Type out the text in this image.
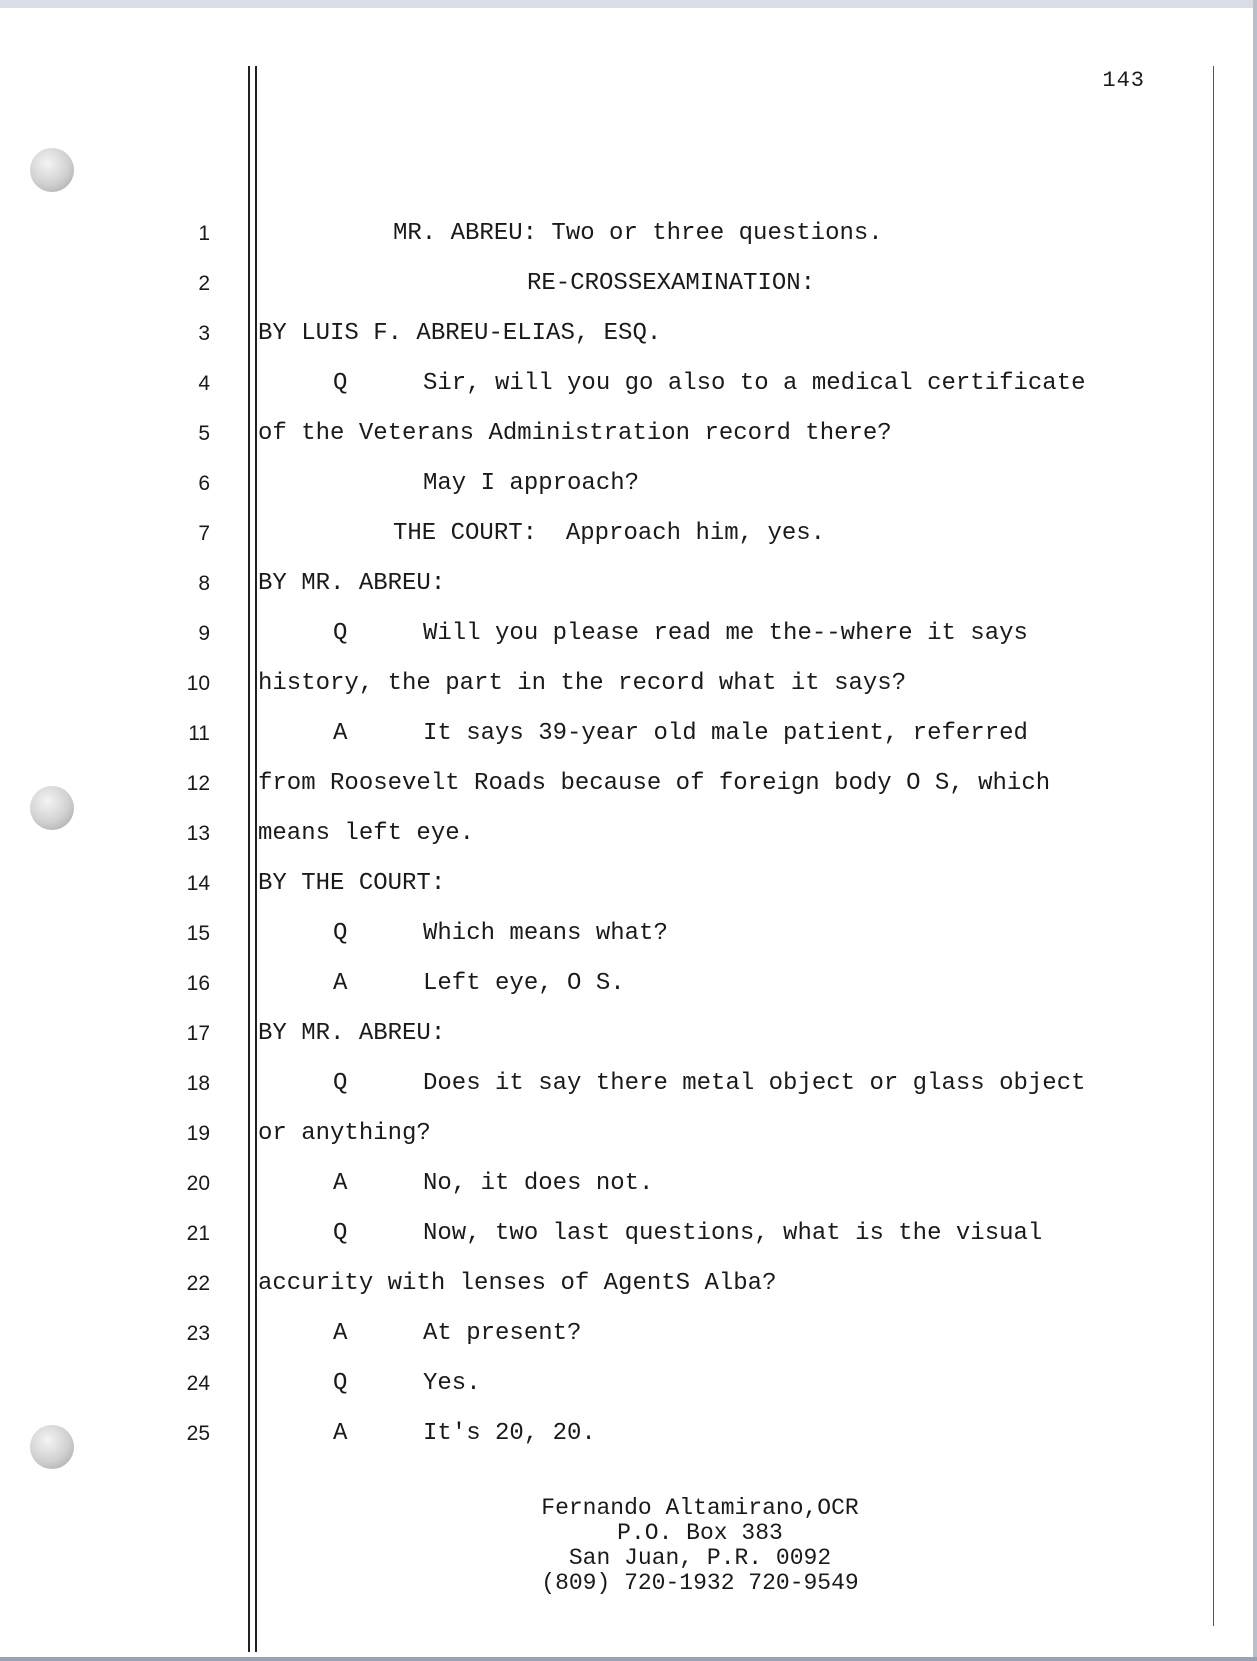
143
1	MR. ABREU: Two or three questions.
2	RE-CROSSEXAMINATION:
3 BY LUIS F. ABREU-ELIAS, ESQ.
4	Q	Sir, will you go also to a medical certificate
5 of the Veterans Administration record there?
6	May I approach?
7	THE COURT:  Approach him, yes.
8 BY MR. ABREU:
9	Q	Will you please read me the--where it says
10 history, the part in the record what it says?
11	A	It says 39-year old male patient, referred
12 from Roosevelt Roads because of foreign body O S, which
13 means left eye.
14 BY THE COURT:
15	Q	Which means what?
16	A	Left eye, O S.
17 BY MR. ABREU:
18	Q	Does it say there metal object or glass object
19 or anything?
20	A	No, it does not.
21	Q	Now, two last questions, what is the visual
22 accurity with lenses of AgentS Alba?
23	A	At present?
24	Q	Yes.
25	A	It's 20, 20.
Fernando Altamirano,OCR
P.O. Box 383
San Juan, P.R. 0092
(809) 720-1932 720-9549
